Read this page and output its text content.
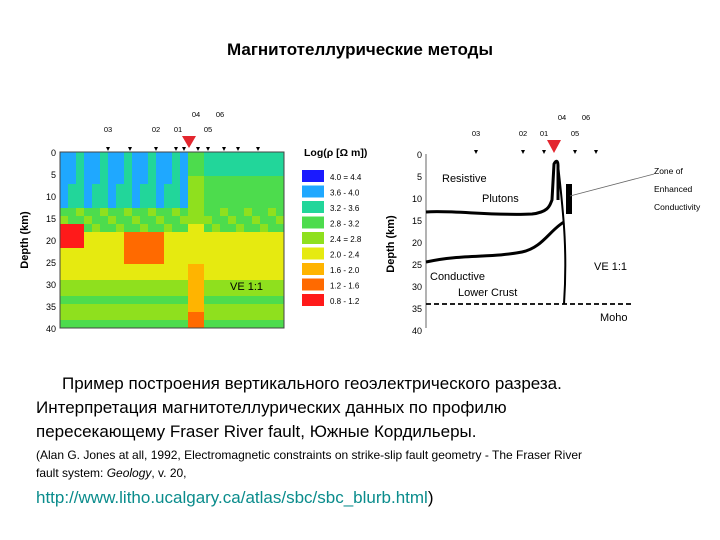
Магнитотеллурические методы
03	02 01	05
04 06
0
5
10
15
20
25
30
35
40
Depth (km)
VE 1:1
Log(ρ [Ω m])
4.0 = 4.4
3.6 - 4.0
3.2 - 3.6
2.8 - 3.2
2.4 = 2.8
2.0 - 2.4
1.6 - 2.0
1.2 - 1.6
0.8 - 1.2
03	02 01	05
04 06
0
5
10
15
20
25
30
35
40
Depth (km)
Resistive
Plutons
Conductive
Lower Crust
Moho
VE 1:1
Zone of
Enhanced
Conductivity
Пример построения вертикального геоэлектрического разреза.
Интерпретация магнитотеллурических данных по профилю
пересекающему Fraser River fault, Южные Кордильеры.
(Alan G. Jones at all, 1992, Electromagnetic constraints on strike-slip fault geometry - The Fraser River
fault system: Geology, v. 20,
http://www.litho.ucalgary.ca/atlas/sbc/sbc_blurb.html)
